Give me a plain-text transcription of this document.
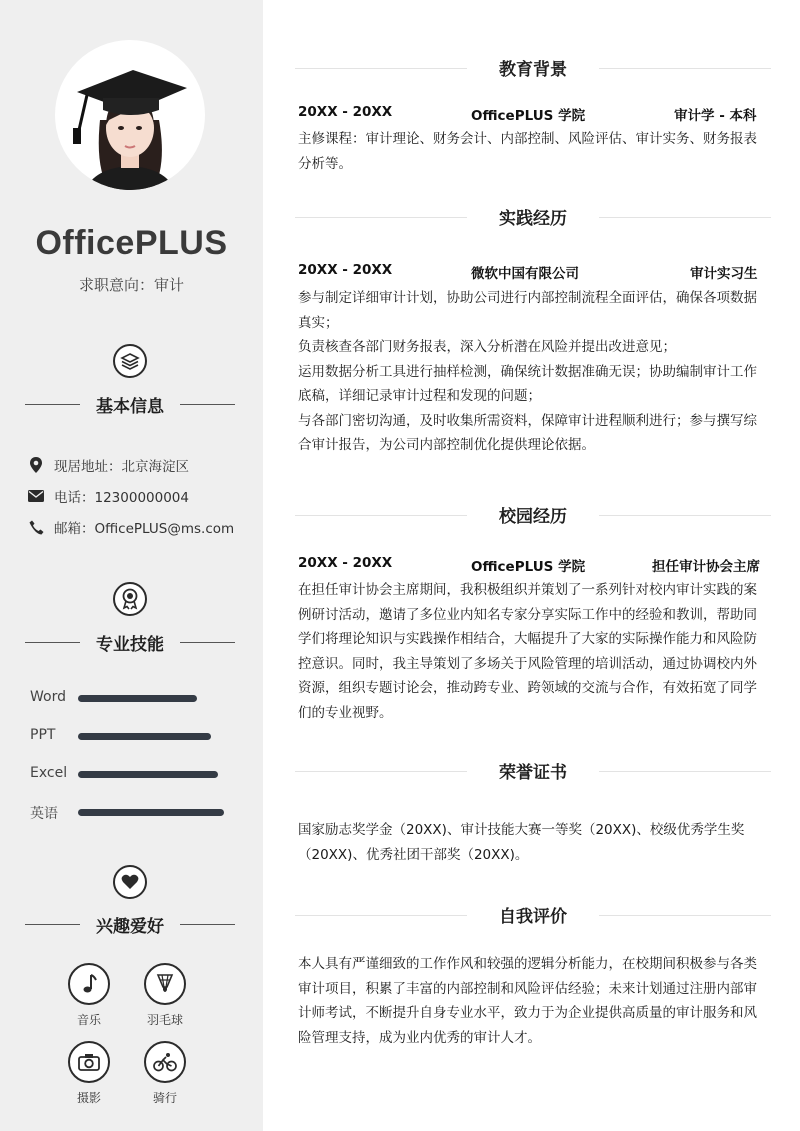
OfficePLUS
求职意向：审计
基本信息
现居地址：北京海淀区
电话：12300000004
邮箱：OfficePLUS@ms.com
专业技能
Word
PPT
Excel
英语
兴趣爱好
音乐	羽毛球
摄影	骑行
教育背景
20XX - 20XX	OfficePLUS 学院	审计学 - 本科

主修课程：审计理论、财务会计、内部控制、风险评估、审计实务、财务报表分析等。

实践经历
20XX - 20XX	微软中国有限公司	审计实习生

参与制定详细审计计划，协助公司进行内部控制流程全面评估，确保各项数据真实；

负责核查各部门财务报表，深入分析潜在风险并提出改进意见；

运用数据分析工具进行抽样检测，确保统计数据准确无误；协助编制审计工作底稿，详细记录审计过程和发现的问题；

与各部门密切沟通，及时收集所需资料，保障审计进程顺利进行；参与撰写综合审计报告，为公司内部控制优化提供理论依据。

校园经历
20XX - 20XX	OfficePLUS 学院	担任审计协会主席

在担任审计协会主席期间，我积极组织并策划了一系列针对校内审计实践的案例研讨活动，邀请了多位业内知名专家分享实际工作中的经验和教训，帮助同学们将理论知识与实践操作相结合，大幅提升了大家的实际操作能力和风险防控意识。同时，我主导策划了多场关于风险管理的培训活动，通过协调校内外资源，组织专题讨论会，推动跨专业、跨领域的交流与合作，有效拓宽了同学们的专业视野。

荣誉证书

国家励志奖学金（20XX)、审计技能大赛一等奖（20XX)、校级优秀学生奖（20XX)、优秀社团干部奖（20XX)。

自我评价

本人具有严谨细致的工作作风和较强的逻辑分析能力，在校期间积极参与各类审计项目，积累了丰富的内部控制和风险评估经验；未来计划通过注册内部审计师考试，不断提升自身专业水平，致力于为企业提供高质量的审计服务和风险管理支持，成为业内优秀的审计人才。
